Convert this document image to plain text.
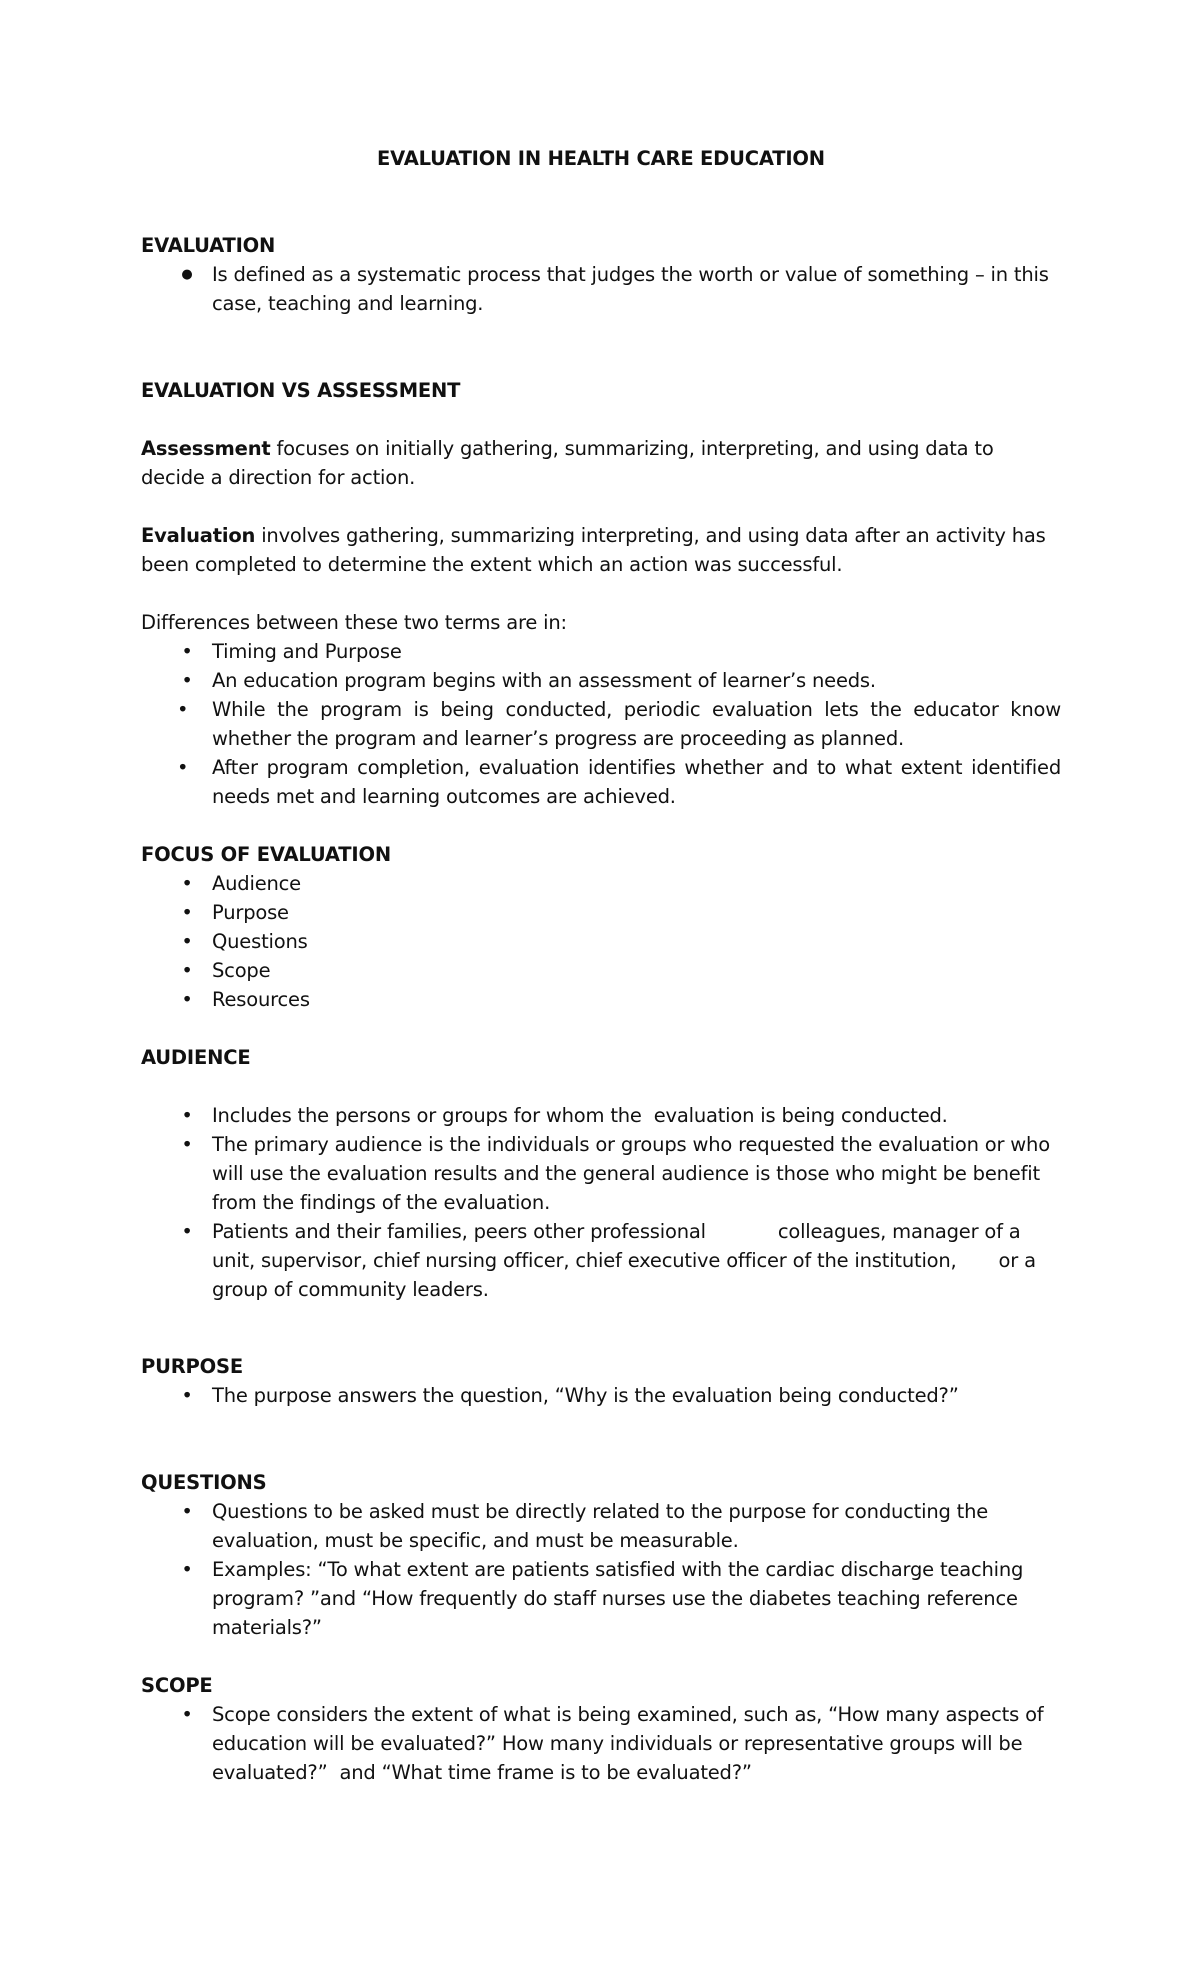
EVALUATION IN HEALTH CARE EDUCATION
EVALUATION
● Is defined as a systematic process that judges the worth or value of something – in this case, teaching and learning.
EVALUATION VS ASSESSMENT

Assessment focuses on initially gathering, summarizing, interpreting, and using data to decide a direction for action.

Evaluation involves gathering, summarizing interpreting, and using data after an activity has been completed to determine the extent which an action was successful.

Differences between these two terms are in:

• Timing and Purpose
• An education program begins with an assessment of learner’s needs.
•	While the program is being conducted, periodic evaluation lets the educator know whether the program and learner’s progress are proceeding as planned.
•	After program completion, evaluation identifies whether and to what extent identified needs met and learning outcomes are achieved.
FOCUS OF EVALUATION
• Audience
• Purpose
• Questions
• Scope
• Resources
AUDIENCE
• Includes the persons or groups for whom the  evaluation is being conducted.
• The primary audience is the individuals or groups who requested the evaluation or who will use the evaluation results and the general audience is those who might be benefit from the findings of the evaluation.
• Patients and their families, peers other professional            colleagues, manager of a unit, supervisor, chief nursing officer, chief executive officer of the institution,       or a group of community leaders.
PURPOSE
• The purpose answers the question, “Why is the evaluation being conducted?”
QUESTIONS
• Questions to be asked must be directly related to the purpose for conducting the evaluation, must be specific, and must be measurable.
• Examples: “To what extent are patients satisfied with the cardiac discharge teaching program? ”and “How frequently do staff nurses use the diabetes teaching reference materials?”
SCOPE
• Scope considers the extent of what is being examined, such as, “How many aspects of education will be evaluated?” How many individuals or representative groups will be evaluated?”  and “What time frame is to be evaluated?”
